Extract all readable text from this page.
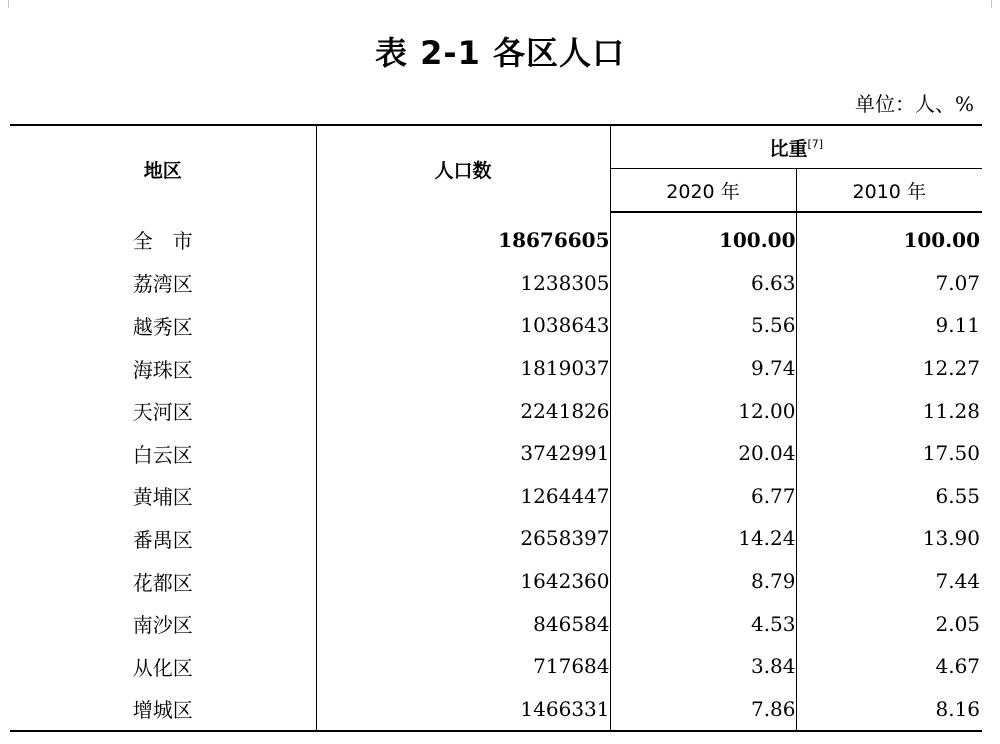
表 2-1 各区人口
单位：人、%
地区	人口数	比重[7]
		2020 年	2010 年
全市	18676605	100.00	100.00
荔湾区	1238305	6.63	7.07
越秀区	1038643	5.56	9.11
海珠区	1819037	9.74	12.27
天河区	2241826	12.00	11.28
白云区	3742991	20.04	17.50
黄埔区	1264447	6.77	6.55
番禺区	2658397	14.24	13.90
花都区	1642360	8.79	7.44
南沙区	846584	4.53	2.05
从化区	717684	3.84	4.67
增城区	1466331	7.86	8.16
